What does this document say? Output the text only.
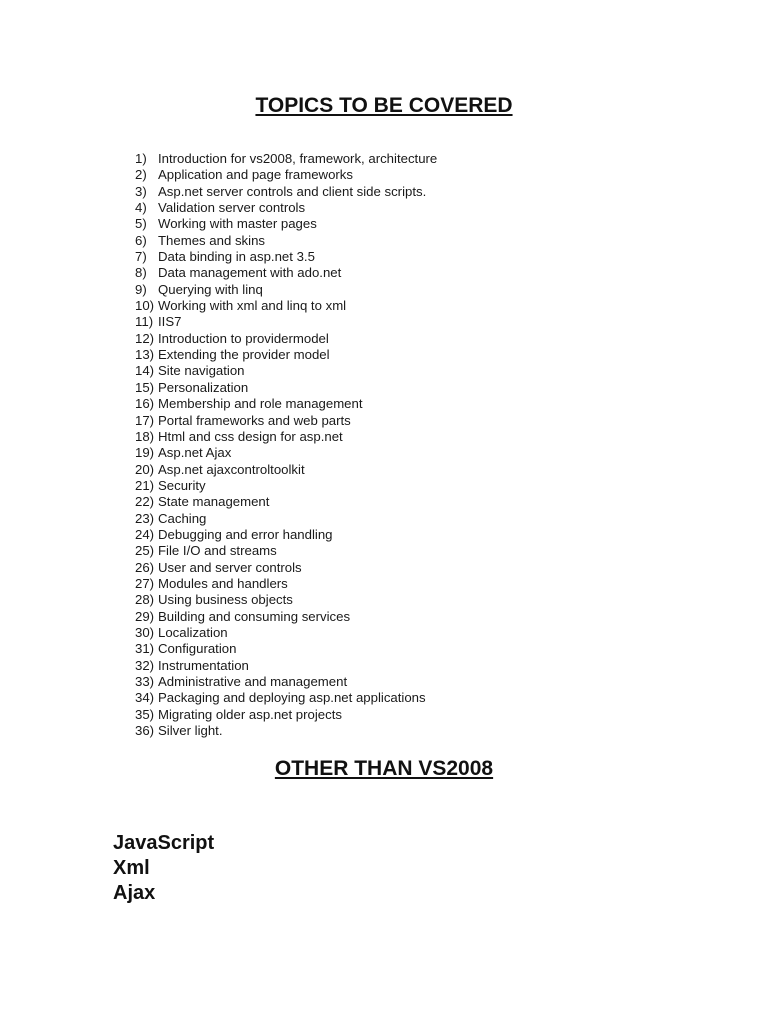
TOPICS TO BE COVERED
1) Introduction for vs2008, framework, architecture
2) Application and page frameworks
3) Asp.net server controls and client side scripts.
4) Validation server controls
5) Working with master pages
6) Themes and skins
7) Data binding in asp.net 3.5
8) Data management with ado.net
9) Querying with linq
10) Working with xml and linq to xml
11) IIS7
12) Introduction to providermodel
13) Extending the provider model
14) Site navigation
15) Personalization
16) Membership and role management
17) Portal frameworks and web parts
18) Html and css design for asp.net
19) Asp.net Ajax
20) Asp.net ajaxcontroltoolkit
21) Security
22) State management
23) Caching
24) Debugging and error handling
25) File I/O and streams
26) User and server controls
27) Modules and handlers
28) Using business objects
29) Building and consuming services
30) Localization
31) Configuration
32) Instrumentation
33) Administrative and management
34) Packaging and deploying asp.net applications
35) Migrating older asp.net projects
36) Silver light.
OTHER THAN VS2008
JavaScript
Xml
Ajax
